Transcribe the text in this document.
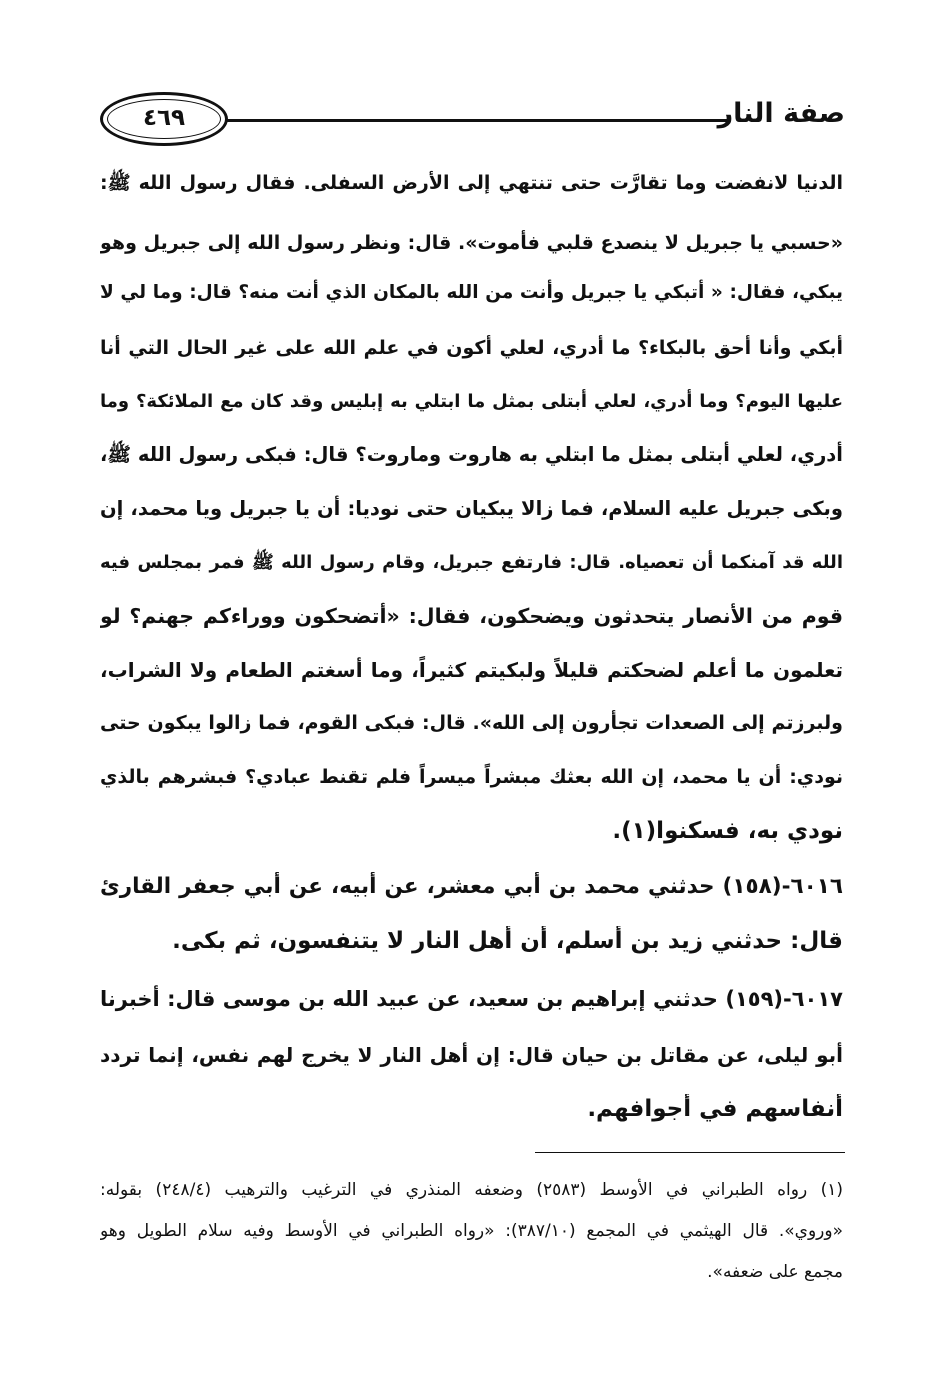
٤٦٩	صفة النار
الدنيا لانفضت وما تقارَّت حتى تنتهي إلى الأرض السفلى. فقال رسول الله ﷺ:
«حسبي يا جبريل لا ينصدع قلبي فأموت». قال: ونظر رسول الله إلى جبريل وهو
يبكي، فقال: « أتبكي يا جبريل وأنت من الله بالمكان الذي أنت منه؟ قال: وما لي لا
أبكي وأنا أحق بالبكاء؟ ما أدري، لعلي أكون في علم الله على غير الحال التي أنا
عليها اليوم؟ وما أدري، لعلي أبتلى بمثل ما ابتلي به إبليس وقد كان مع الملائكة؟ وما
أدري، لعلي أبتلى بمثل ما ابتلي به هاروت وماروت؟ قال: فبكى رسول الله ﷺ،
وبكى جبريل عليه السلام، فما زالا يبكيان حتى نوديا: أن يا جبريل ويا محمد، إن
الله قد آمنكما أن تعصياه. قال: فارتفع جبريل، وقام رسول الله ﷺ فمر بمجلس فيه
قوم من الأنصار يتحدثون ويضحكون، فقال: «أتضحكون ووراءكم جهنم؟ لو
تعلمون ما أعلم لضحكتم قليلاً ولبكيتم كثيراً، وما أسغتم الطعام ولا الشراب،
ولبرزتم إلى الصعدات تجأرون إلى الله». قال: فبكى القوم، فما زالوا يبكون حتى
نودي: أن يا محمد، إن الله بعثك مبشراً ميسراً فلم تقنط عبادي؟ فبشرهم بالذي
نودي به، فسكنوا(١).
٦٠١٦-(١٥٨) حدثني محمد بن أبي معشر، عن أبيه، عن أبي جعفر القارئ
قال: حدثني زيد بن أسلم، أن أهل النار لا يتنفسون، ثم بكى.
٦٠١٧-(١٥٩) حدثني إبراهيم بن سعيد، عن عبيد الله بن موسى قال: أخبرنا
أبو ليلى، عن مقاتل بن حيان قال: إن أهل النار لا يخرج لهم نفس، إنما تردد
أنفاسهم في أجوافهم.
(١) رواه الطبراني في الأوسط (٢٥٨٣) وضعفه المنذري في الترغيب والترهيب (٢٤٨/٤) بقوله:
«وروي». قال الهيثمي في المجمع (٣٨٧/١٠): «رواه الطبراني في الأوسط وفيه سلام الطويل وهو
مجمع على ضعفه».
